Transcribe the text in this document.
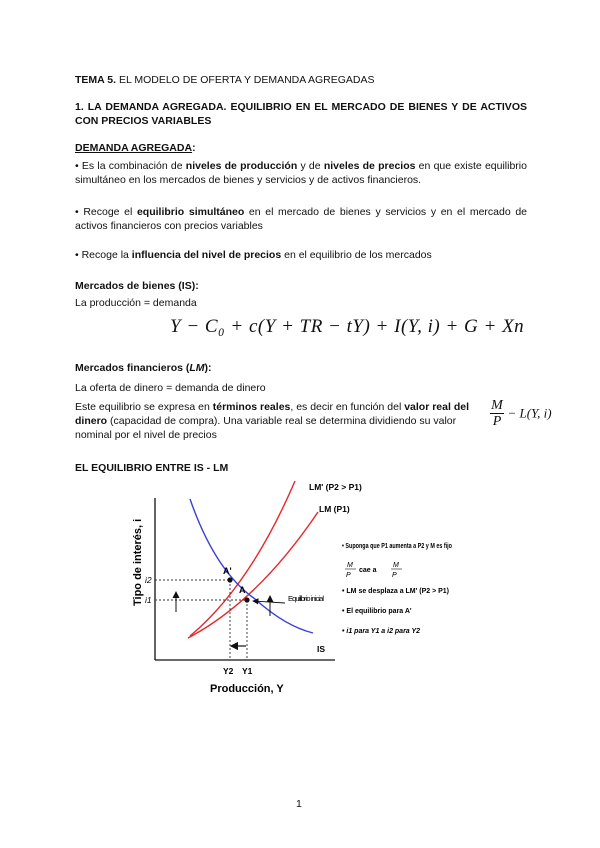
TEMA 5. EL MODELO DE OFERTA Y DEMANDA AGREGADAS
1. LA DEMANDA AGREGADA. EQUILIBRIO EN EL MERCADO DE BIENES Y DE ACTIVOS CON PRECIOS VARIABLES
DEMANDA AGREGADA:
• Es la combinación de niveles de producción y de niveles de precios en que existe equilibrio simultáneo en los mercados de bienes y servicios y de activos financieros.
• Recoge el equilibrio simultáneo en el mercado de bienes y servicios y en el mercado de activos financieros con precios variables
• Recoge la influencia del nivel de precios en el equilibrio de los mercados
Mercados de bienes (IS):
La producción = demanda
Y − C₀ + c(Y + TR − tY) + I(Y, i) + G + Xn
Mercados financieros (LM):
La oferta de dinero = demanda de dinero
Este equilibrio se expresa en términos reales, es decir en función del valor real del dinero (capacidad de compra). Una variable real se determina dividiendo su valor nominal por el nivel de precios
$\frac{M}{P} - L(Y$, i)
EL EQUILIBRIO ENTRE IS - LM
A'
A
i2
i1
Y2 Y1
Producción, Y
Tipo de interés, i
LM' (P2 > P1)
LM (P1)
IS
Equilibrio inicial
• Suponga que P1 aumenta a P2 y M es fijo
cae a
• LM se desplaza a LM' (P2 > P1)
• El equilibrio para A'
• i1 para Y1 a i2 para Y2
M
P
M
P
1
